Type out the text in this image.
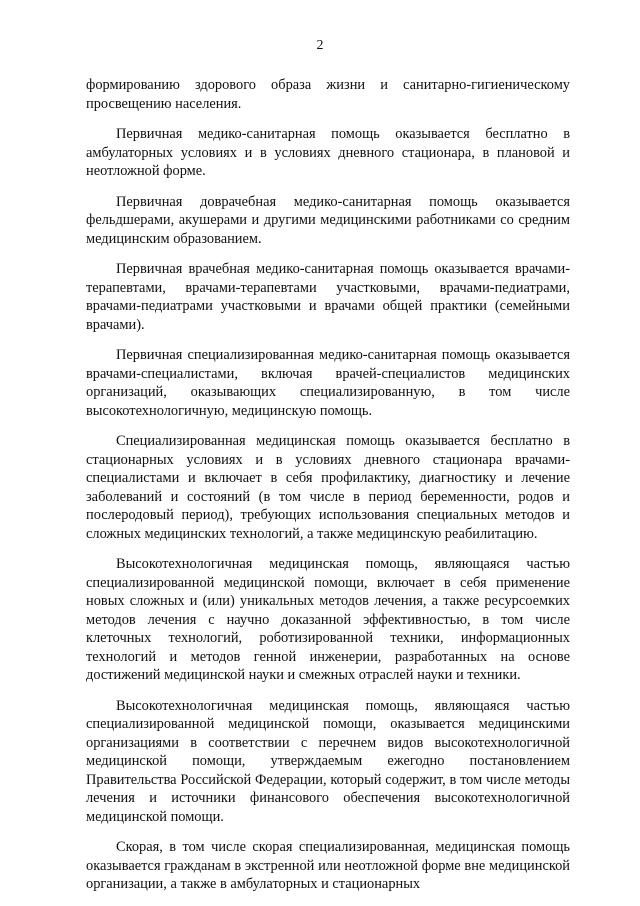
2

формированию здорового образа жизни и санитарно-гигиеническому просвещению населения.

Первичная медико-санитарная помощь оказывается бесплатно в амбулаторных условиях и в условиях дневного стационара, в плановой и неотложной форме.

Первичная доврачебная медико-санитарная помощь оказывается фельдшерами, акушерами и другими медицинскими работниками со средним медицинским образованием.

Первичная врачебная медико-санитарная помощь оказывается врачами-терапевтами, врачами-терапевтами участковыми, врачами-педиатрами, врачами-педиатрами участковыми и врачами общей практики (семейными врачами).

Первичная специализированная медико-санитарная помощь оказывается врачами-специалистами, включая врачей-специалистов медицинских организаций, оказывающих специализированную, в том числе высокотехнологичную, медицинскую помощь.

Специализированная медицинская помощь оказывается бесплатно в стационарных условиях и в условиях дневного стационара врачами-специалистами и включает в себя профилактику, диагностику и лечение заболеваний и состояний (в том числе в период беременности, родов и послеродовый период), требующих использования специальных методов и сложных медицинских технологий, а также медицинскую реабилитацию.

Высокотехнологичная медицинская помощь, являющаяся частью специализированной медицинской помощи, включает в себя применение новых сложных и (или) уникальных методов лечения, а также ресурсоемких методов лечения с научно доказанной эффективностью, в том числе клеточных технологий, роботизированной техники, информационных технологий и методов генной инженерии, разработанных на основе достижений медицинской науки и смежных отраслей науки и техники.

Высокотехнологичная медицинская помощь, являющаяся частью специализированной медицинской помощи, оказывается медицинскими организациями в соответствии с перечнем видов высокотехнологичной медицинской помощи, утверждаемым ежегодно постановлением Правительства Российской Федерации, который содержит, в том числе методы лечения и источники финансового обеспечения высокотехнологичной медицинской помощи.

Скорая, в том числе скорая специализированная, медицинская помощь оказывается гражданам в экстренной или неотложной форме вне медицинской организации, а также в амбулаторных и стационарных
